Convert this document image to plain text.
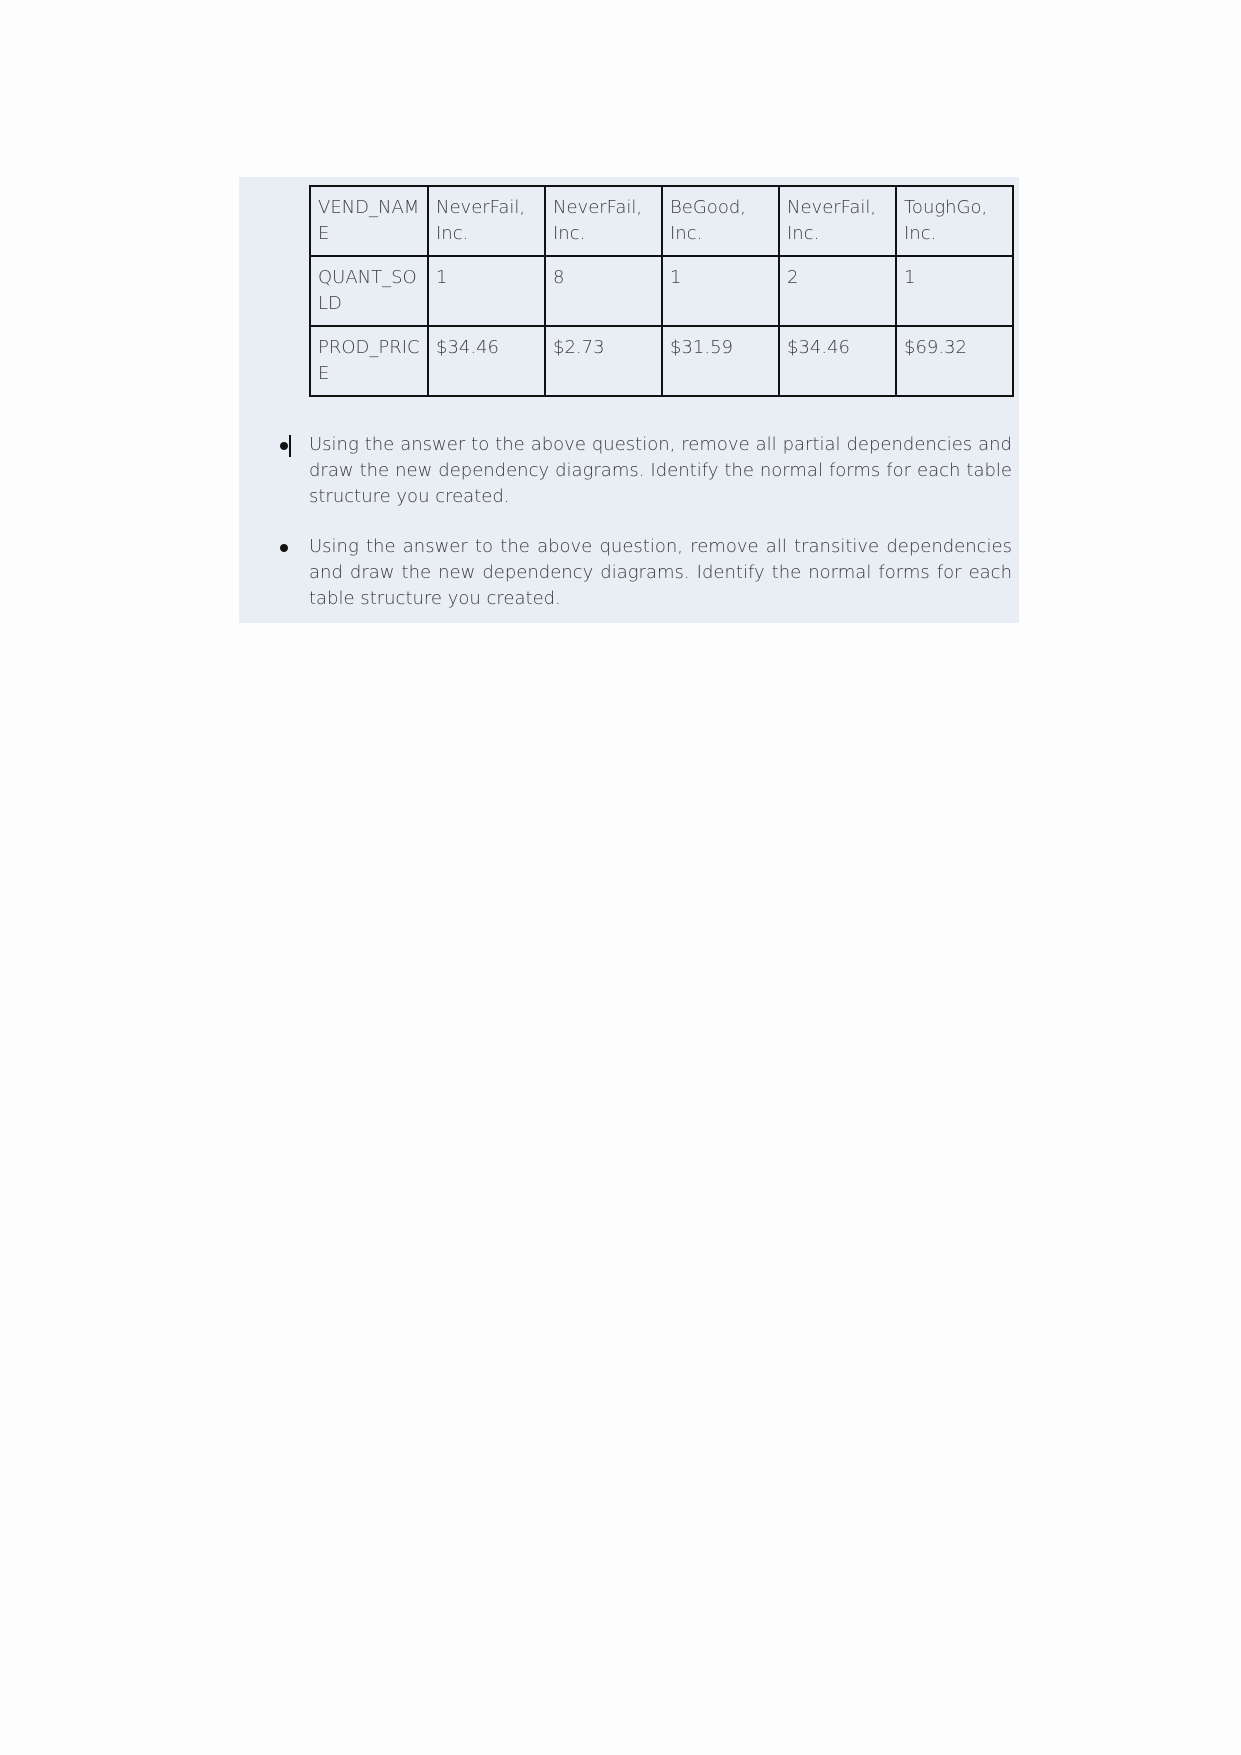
VEND_NAME	NeverFail, Inc.	NeverFail, Inc.	BeGood, Inc.	NeverFail, Inc.	ToughGo, Inc.
QUANT_SOLD	1	8	1	2	1
PROD_PRICE	$34.46	$2.73	$31.59	$34.46	$69.32
Using the answer to the above question, remove all partial dependencies and draw the new dependency diagrams. Identify the normal forms for each table structure you created.
Using the answer to the above question, remove all transitive dependencies and draw the new dependency diagrams. Identify the normal forms for each table structure you created.
